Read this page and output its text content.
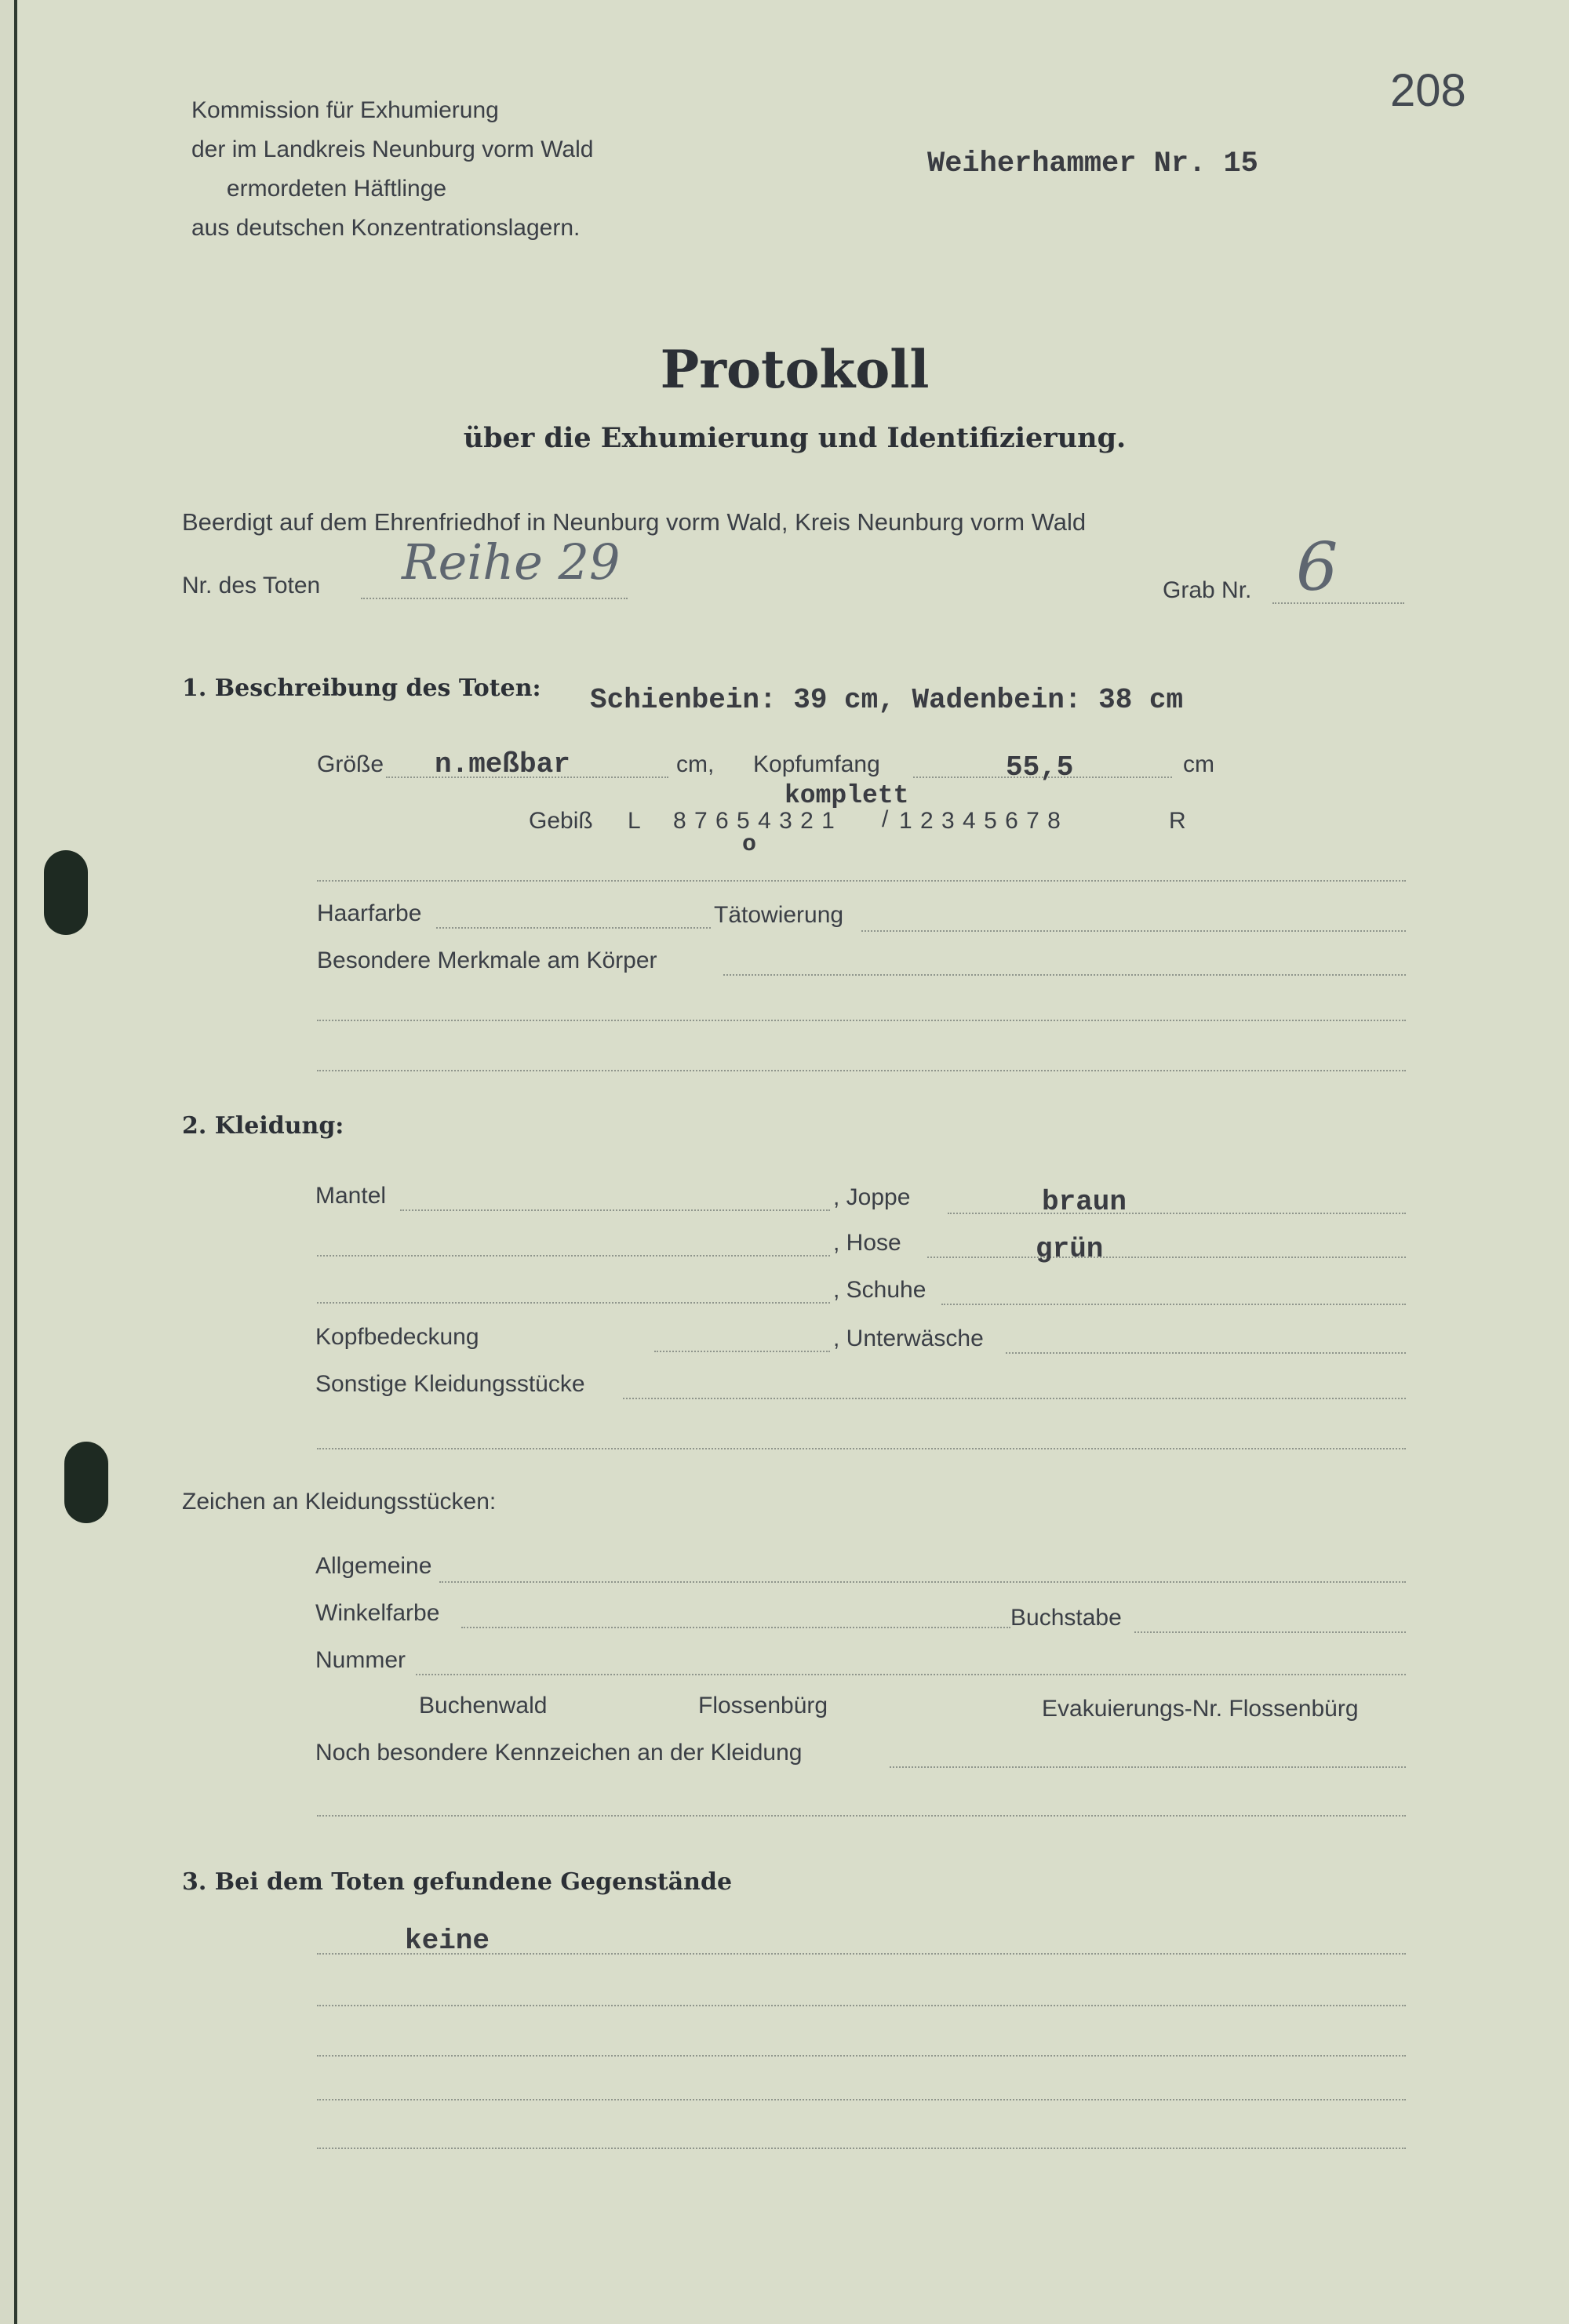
208
Kommission für Exhumierung
der im Landkreis Neunburg vorm Wald
ermordeten Häftlinge
aus deutschen Konzentrationslagern.
Weiherhammer Nr. 15
Protokoll
über die Exhumierung und Identifizierung.
Beerdigt auf dem Ehrenfriedhof in Neunburg vorm Wald, Kreis Neunburg vorm Wald
Nr. des Toten Reihe 29	Grab Nr. 6
1. Beschreibung des Toten: Schienbein: 39 cm, Wadenbein: 38 cm
Größe n.meßbar	cm, Kopfumfang	55,5	cm
Gebiß L 8 7 6 5 4 3 2 1 / 1 2 3 4 5 6 7 8	R
komplett
o
Haarfarbe	Tätowierung
Besondere Merkmale am Körper
2. Kleidung:
Mantel	, Joppe	braun
, Hose	grün
, Schuhe
Kopfbedeckung	, Unterwäsche
Sonstige Kleidungsstücke
Zeichen an Kleidungsstücken:
Allgemeine
Winkelfarbe	Buchstabe
Nummer
Buchenwald	Flossenbürg	Evakuierungs-Nr. Flossenbürg
Noch besondere Kennzeichen an der Kleidung
3. Bei dem Toten gefundene Gegenstände
keine
